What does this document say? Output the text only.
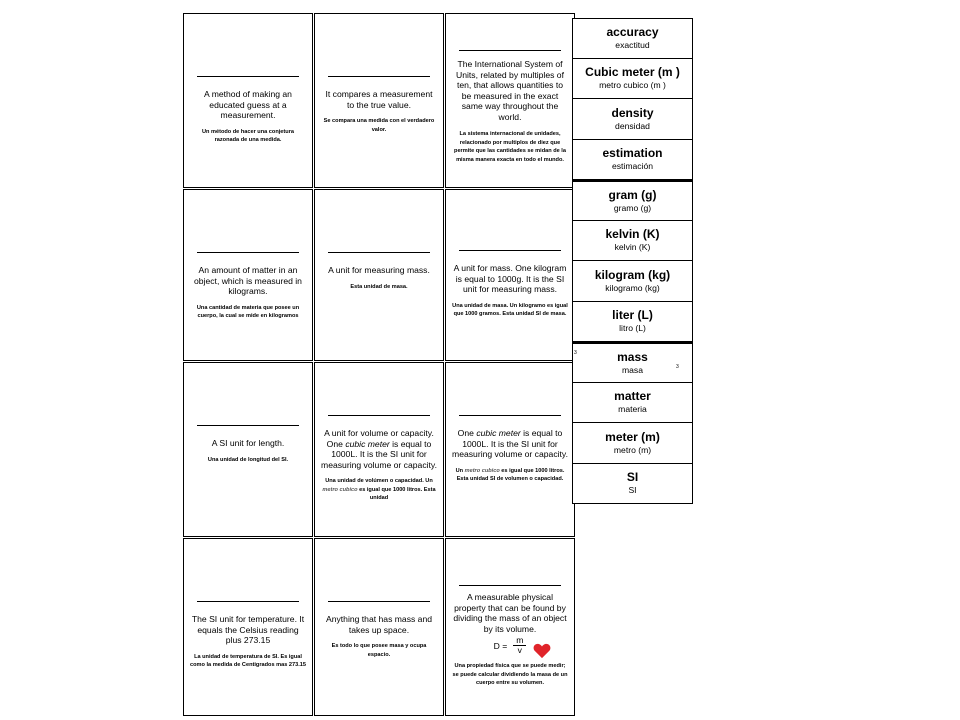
A method of making an educated guess at a measurement.
Un método de hacer una conjetura razonada de una medida.
It compares a measurement to the true value.
Se compara una medida con el verdadero valor.
The International System of Units, related by multiples of ten, that allows quantities to be measured in the exact same way throughout the world.
La sistema internacional de unidades, relacionado por multiplos de diez que permite que las cantidades se midan de la misma manera exacta en todo el mundo.
An amount of matter in an object, which is measured in kilograms.
Una cantidad de materia que posee un cuerpo, la cual se mide en kilogramos
A unit for measuring mass.
Esta unidad de masa.
A unit for mass. One kilogram is equal to 1000g. It is the SI unit for measuring mass.
Una unidad de masa. Un kilogramo es igual que 1000 gramos. Esta unidad SI de masa.
A SI unit for length.
Una unidad de longitud del SI.
A unit for volume or capacity. One cubic meter is equal to 1000L. It is the SI unit for measuring volume or capacity.
Una unidad de volúmen o capacidad. Un metro cubico es igual que 1000 litros. Esta unidad
One cubic meter is equal to 1000L. It is the SI unit for measuring volume or capacity.
Un metro cubico es igual que 1000 litros. Esta unidad SI de volumen o capacidad.
The SI unit for temperature. It equals the Celsius reading plus 273.15
La unidad de temperatura de SI. Es igual como la medida de Centigrados mas 273.15
Anything that has mass and takes up space.
Es todo lo que posee masa y ocupa espacio.
A measurable physical property that can be found by dividing the mass of an object by its volume.
$D = \frac{m}{v}$
Una propiedad física que se puede medir; se puede calcular dividiendo la masa de un cuerpo entre su volumen.
accuracy
exactitud
Cubic meter (m )
metro cubico (m )
density
densidad
estimation
estimación
gram (g)
gramo (g)
kelvin (K)
kelvin (K)
kilogram (kg)
kilogramo (kg)
liter (L)
litro (L)
3	mass
masa	3
matter
materia
meter (m)
metro (m)
SI
SI
